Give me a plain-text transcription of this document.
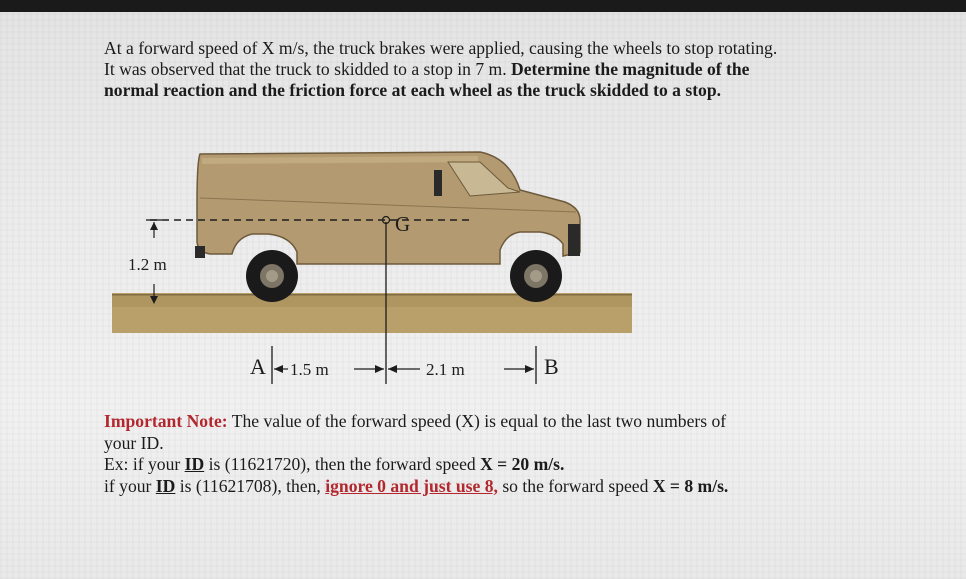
At a forward speed of X m/s, the truck brakes were applied, causing the wheels to stop rotating.
It was observed that the truck to skidded to a stop in 7 m. Determine the magnitude of the
normal reaction and the friction force at each wheel as the truck skidded to a stop.
G
1.2 m
A 1.5 m	2.1 m	B
Important Note: The value of the forward speed (X) is equal to the last two numbers of
your ID.
Ex: if your ID is (11621720), then the forward speed X = 20 m/s.
if your ID is (11621708), then, ignore 0 and just use 8, so the forward speed X = 8 m/s.
